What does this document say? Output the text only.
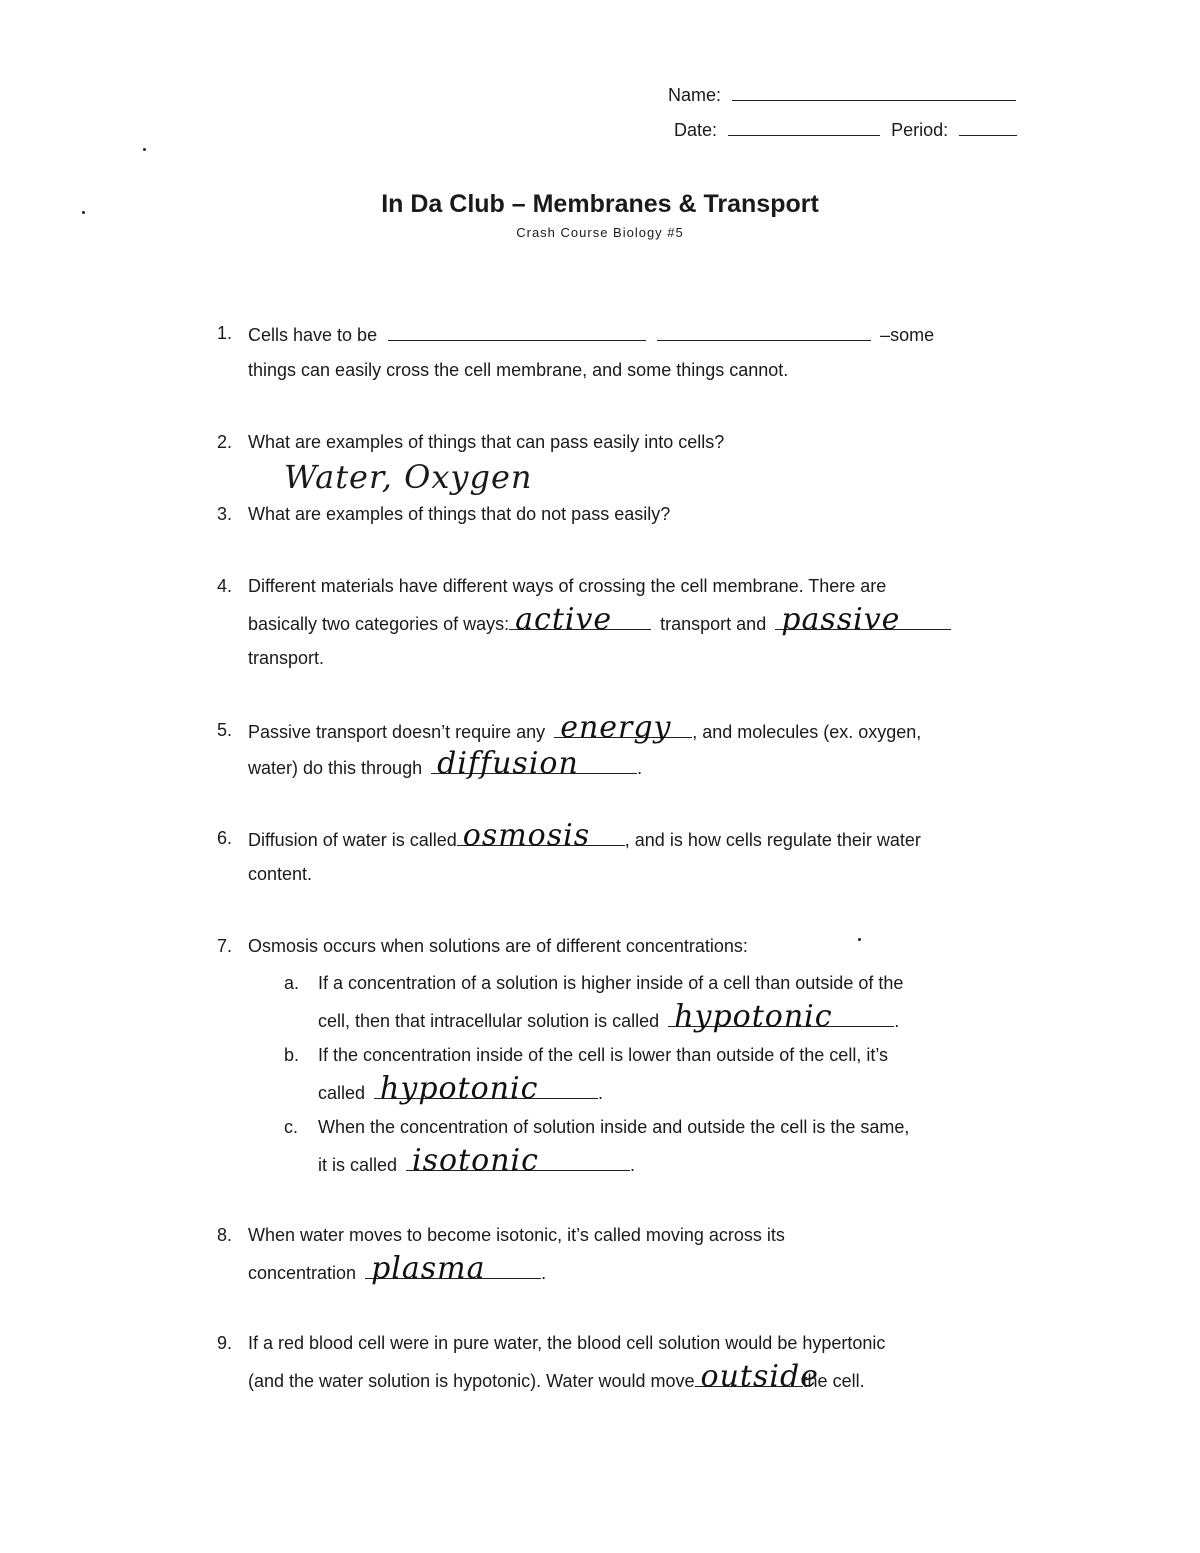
Name:
Date:	Period:
In Da Club – Membranes & Transport
Crash Course Biology #5
1. Cells have to be	–some
things can easily cross the cell membrane, and some things cannot.
2. What are examples of things that can pass easily into cells?
Water, Oxygen
3. What are examples of things that do not pass easily?
4. Different materials have different ways of crossing the cell membrane. There are
basically two categories of ways: active	transport and passive
transport.
5. Passive transport doesn’t require any energy , and molecules (ex. oxygen,
water) do this through diffusion	.
6. Diffusion of water is called osmosis , and is how cells regulate their water
content.
7. Osmosis occurs when solutions are of different concentrations:
a. If a concentration of a solution is higher inside of a cell than outside of the
cell, then that intracellular solution is called hypotonic	.
b. If the concentration inside of the cell is lower than outside of the cell, it’s
called hypotonic	.
c. When the concentration of solution inside and outside the cell is the same,
it is called isotonic	.
8. When water moves to become isotonic, it’s called moving across its
concentration plasma	.
9. If a red blood cell were in pure water, the blood cell solution would be hypertonic
(and the water solution is hypotonic). Water would move outside
the cell.
